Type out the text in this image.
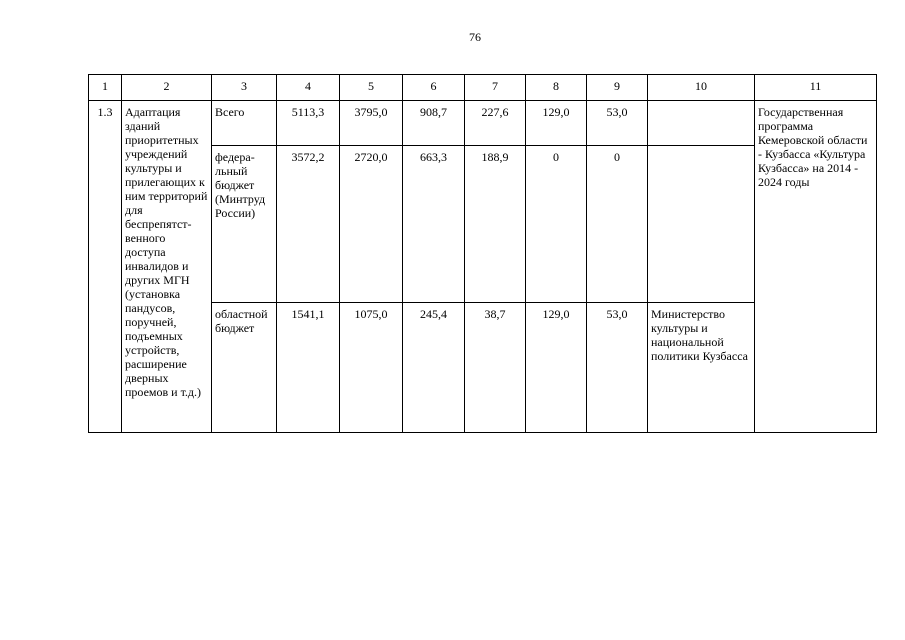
76
1	2	3	4	5	6	7	8	9	10	11
1.3	Адаптация зданий приоритетных учреждений культуры и прилегающих к ним территорий для беспрепятст-венного доступа инвалидов и других МГН (установка пандусов, поручней, подъемных устройств, расширение дверных проемов и т.д.)	Всего	5113,3	3795,0	908,7	227,6	129,0	53,0		Государственная программа Кемеровской области - Кузбасса «Культура Кузбасса» на 2014 - 2024 годы
		федера-льный бюджет (Минтруд России)	3572,2	2720,0	663,3	188,9	0	0		
		областной бюджет	1541,1	1075,0	245,4	38,7	129,0	53,0	Министерство культуры и национальной политики Кузбасса	
